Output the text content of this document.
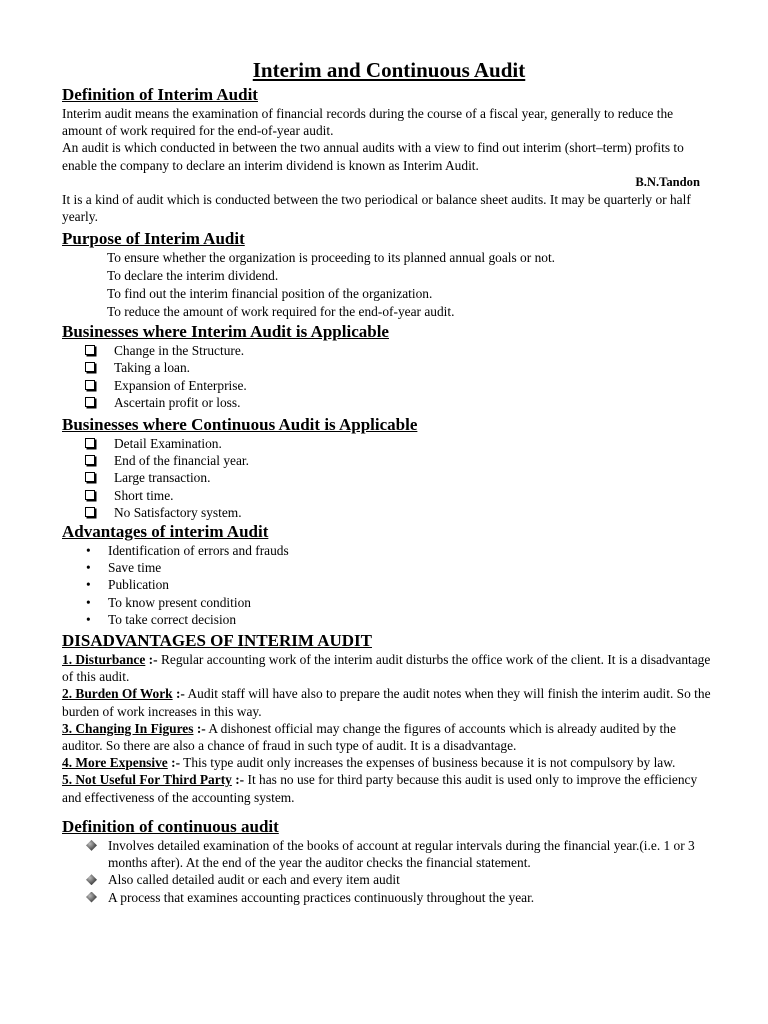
Interim and Continuous Audit
Definition of Interim Audit

Interim audit means the examination of financial records during the course of a fiscal year, generally to reduce the amount of work required for the end-of-year audit.

An audit is which conducted in between the two annual audits with a view to find out interim (short–term) profits to enable the company to declare an interim dividend is known as Interim Audit.

B.N.Tandon

It is a kind of audit which is conducted between the two periodical or balance sheet audits. It may be quarterly or half yearly.

Purpose of Interim Audit
To ensure whether the organization is proceeding to its planned annual goals or not.
To declare the interim dividend.
To find out the interim financial position of the organization.
To reduce the amount of work required for the end-of-year audit.
Businesses where Interim Audit is Applicable
Change in the Structure.
Taking a loan.
Expansion of Enterprise.
Ascertain profit or loss.
Businesses where Continuous Audit is Applicable
Detail Examination.
End of the financial year.
Large transaction.
Short time.
No Satisfactory system.
Advantages of interim Audit
• Identification of errors and frauds
• Save time
• Publication
• To know present condition
• To take correct decision
DISADVANTAGES OF INTERIM AUDIT

1. Disturbance :- Regular accounting work of the interim audit disturbs the office work of the client. It is a disadvantage of this audit.

2. Burden Of Work :- Audit staff will have also to prepare the audit notes when they will finish the interim audit. So the burden of work increases in this way.

3. Changing In Figures :- A dishonest official may change the figures of accounts which is already audited by the auditor. So there are also a chance of fraud in such type of audit. It is a disadvantage.

4. More Expensive :- This type audit only increases the expenses of business because it is not compulsory by law.

5. Not Useful For Third Party :- It has no use for third party because this audit is used only to improve the efficiency and effectiveness of the accounting system.

Definition of continuous audit
Involves detailed examination of the books of account at regular intervals during the financial year.(i.e. 1 or 3 months after). At the end of the year the auditor checks the financial statement.
Also called detailed audit or each and every item audit
A process that examines accounting practices continuously throughout the year.
